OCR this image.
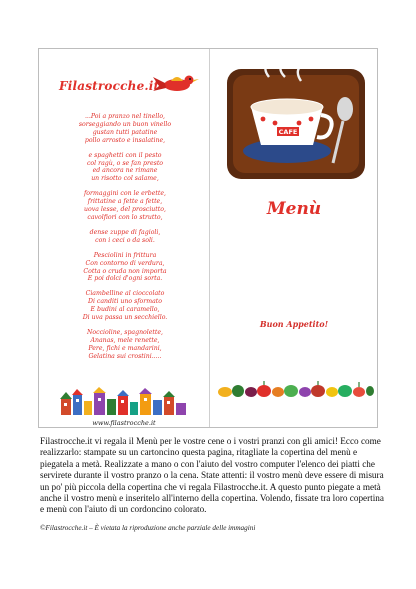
Filastrocche.it
...Poi a pranzo nel tinello,
sorseggiando un buon vinello
gustan tutti patatine
pollo arrosto e insalatine,
e spaghetti con il pesto
col ragù, o se fan presto
ed ancora ne rimane
un risotto col salame,
formaggini con le erbette,
frittatine a fette a fette,
uova lesse, del prosciutto,
cavolfiori con lo strutto,
dense zuppe di fagioli,
con i ceci o da soli.
Pesciolini in frittura
Con contorno di verdura,
Cotta o cruda non importa
E poi dolci d'ogni sorta.
Ciambelline al cioccolato
Di canditi uno sformato
E budini al caramello,
Di uva passa un secchiello.
Noccioline, spagnolette,
Ananas, mele renette,
Pere, fichi e mandarini,
Gelatina sui crostini.....
www.filastrocche.it
CAFE
Menù
Buon Appetito!
Filastrocche.it vi regala il Menù per le vostre cene o i vostri pranzi con gli amici! Ecco come realizzarlo: stampate su un cartoncino questa pagina, ritagliate la copertina del menù e piegatela a metà. Realizzate a mano o con l'aiuto del vostro computer l'elenco dei piatti che servirete durante il vostro pranzo o la cena. State attenti: il vostro menù deve essere di misura un po' più piccola della copertina che vi regala Filastrocche.it. A questo punto piegate a metà anche il vostro menù e inseritelo all'interno della copertina. Volendo, fissate tra loro copertina e menù con l'aiuto di un cordoncino colorato.
©Filastrocche.it – È vietata la riproduzione anche parziale delle immagini
